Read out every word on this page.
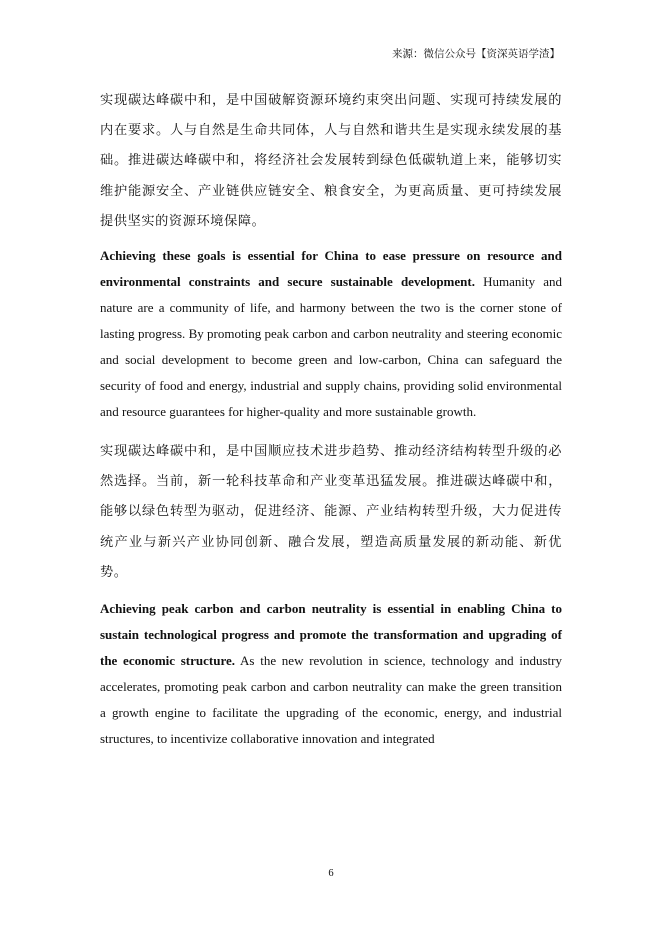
来源：微信公众号【资深英语学渣】

实现碳达峰碳中和，是中国破解资源环境约束突出问题、实现可持续发展的内在要求。人与自然是生命共同体，人与自然和谐共生是实现永续发展的基础。推进碳达峰碳中和，将经济社会发展转到绿色低碳轨道上来，能够切实维护能源安全、产业链供应链安全、粮食安全，为更高质量、更可持续发展提供坚实的资源环境保障。

Achieving these goals is essential for China to ease pressure on resource and environmental constraints and secure sustainable development. Humanity and nature are a community of life, and harmony between the two is the corner stone of lasting progress. By promoting peak carbon and carbon neutrality and steering economic and social development to become green and low-carbon, China can safeguard the security of food and energy, industrial and supply chains, providing solid environmental and resource guarantees for higher-quality and more sustainable growth.

实现碳达峰碳中和，是中国顺应技术进步趋势、推动经济结构转型升级的必然选择。当前，新一轮科技革命和产业变革迅猛发展。推进碳达峰碳中和，能够以绿色转型为驱动，促进经济、能源、产业结构转型升级，大力促进传统产业与新兴产业协同创新、融合发展，塑造高质量发展的新动能、新优势。

Achieving peak carbon and carbon neutrality is essential in enabling China to sustain technological progress and promote the transformation and upgrading of the economic structure. As the new revolution in science, technology and industry accelerates, promoting peak carbon and carbon neutrality can make the green transition a growth engine to facilitate the upgrading of the economic, energy, and industrial structures, to incentivize collaborative innovation and integrated

6
